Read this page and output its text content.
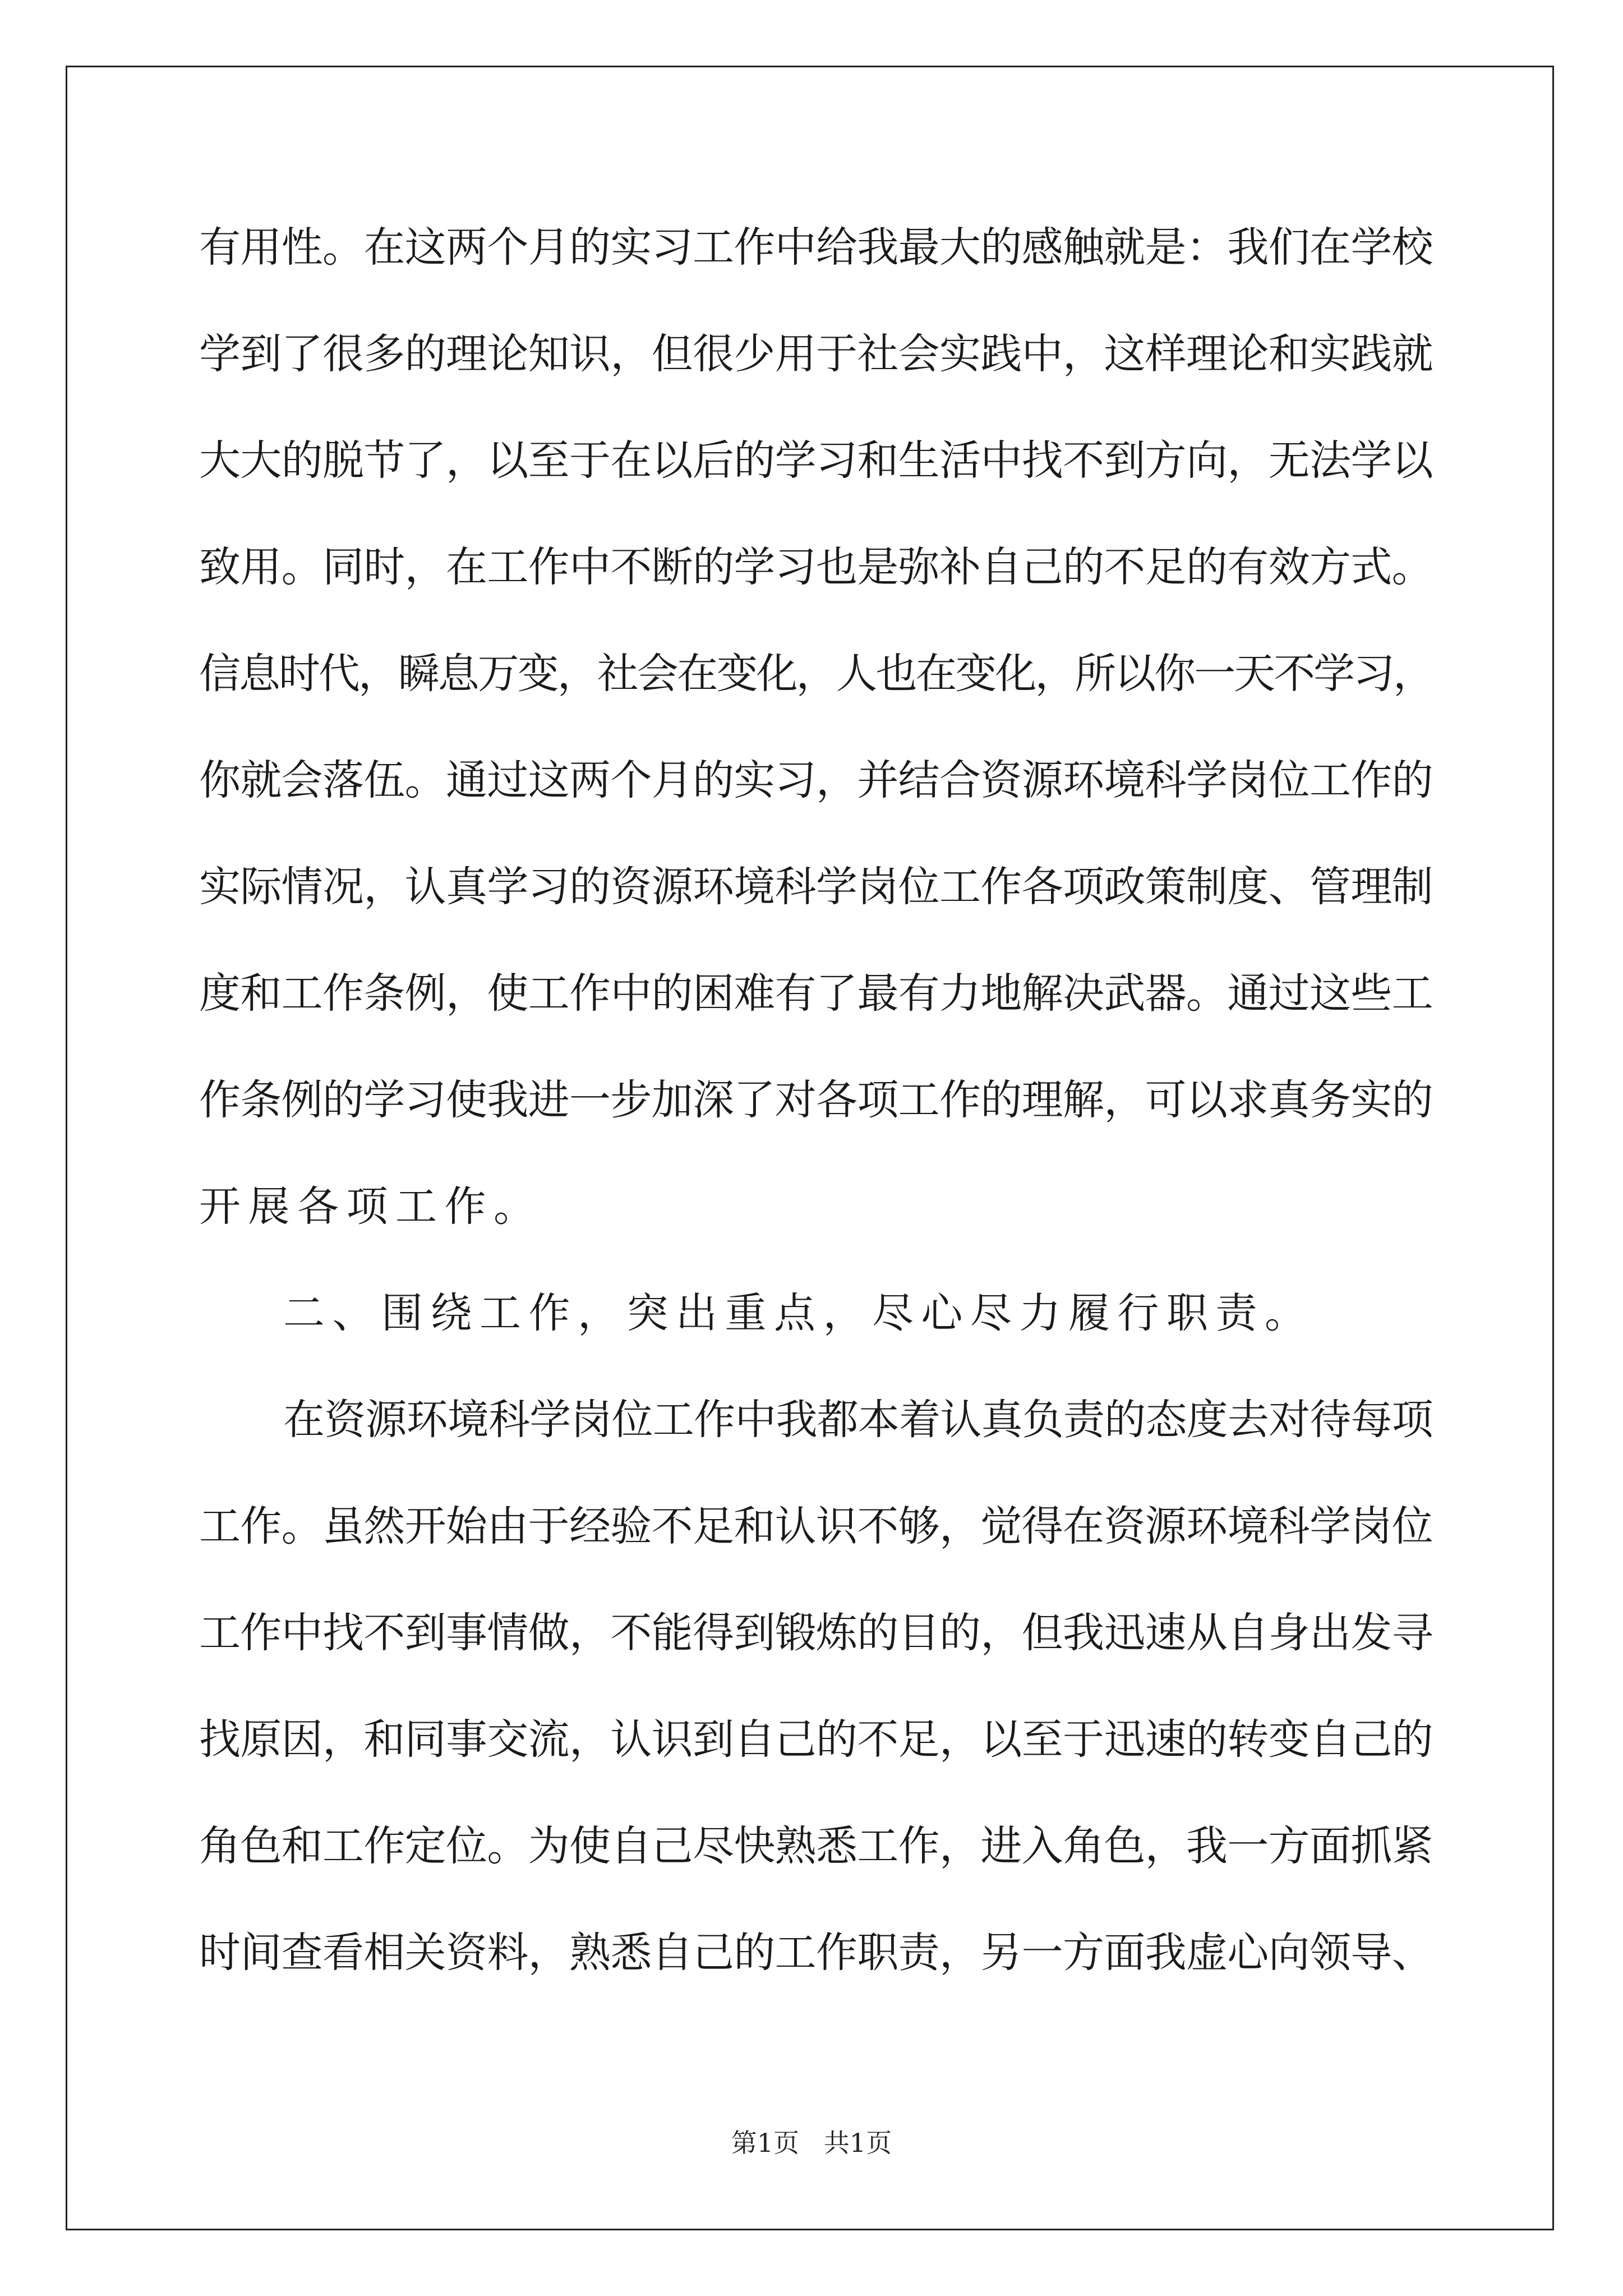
有用性。在这两个月的实习工作中给我最大的感触就是：我们在学校
学到了很多的理论知识，但很少用于社会实践中，这样理论和实践就
大大的脱节了，以至于在以后的学习和生活中找不到方向，无法学以
致用。同时，在工作中不断的学习也是弥补自己的不足的有效方式。
信息时代，瞬息万变，社会在变化，人也在变化，所以你一天不学习，
你就会落伍。通过这两个月的实习，并结合资源环境科学岗位工作的
实际情况，认真学习的资源环境科学岗位工作各项政策制度、管理制
度和工作条例，使工作中的困难有了最有力地解决武器。通过这些工
作条例的学习使我进一步加深了对各项工作的理解，可以求真务实的
开展各项工作。
二、围绕工作，突出重点，尽心尽力履行职责。
在资源环境科学岗位工作中我都本着认真负责的态度去对待每项
工作。虽然开始由于经验不足和认识不够，觉得在资源环境科学岗位
工作中找不到事情做，不能得到锻炼的目的，但我迅速从自身出发寻
找原因，和同事交流，认识到自己的不足，以至于迅速的转变自己的
角色和工作定位。为使自己尽快熟悉工作，进入角色，我一方面抓紧
时间查看相关资料，熟悉自己的工作职责，另一方面我虚心向领导、
第1页   共1页
